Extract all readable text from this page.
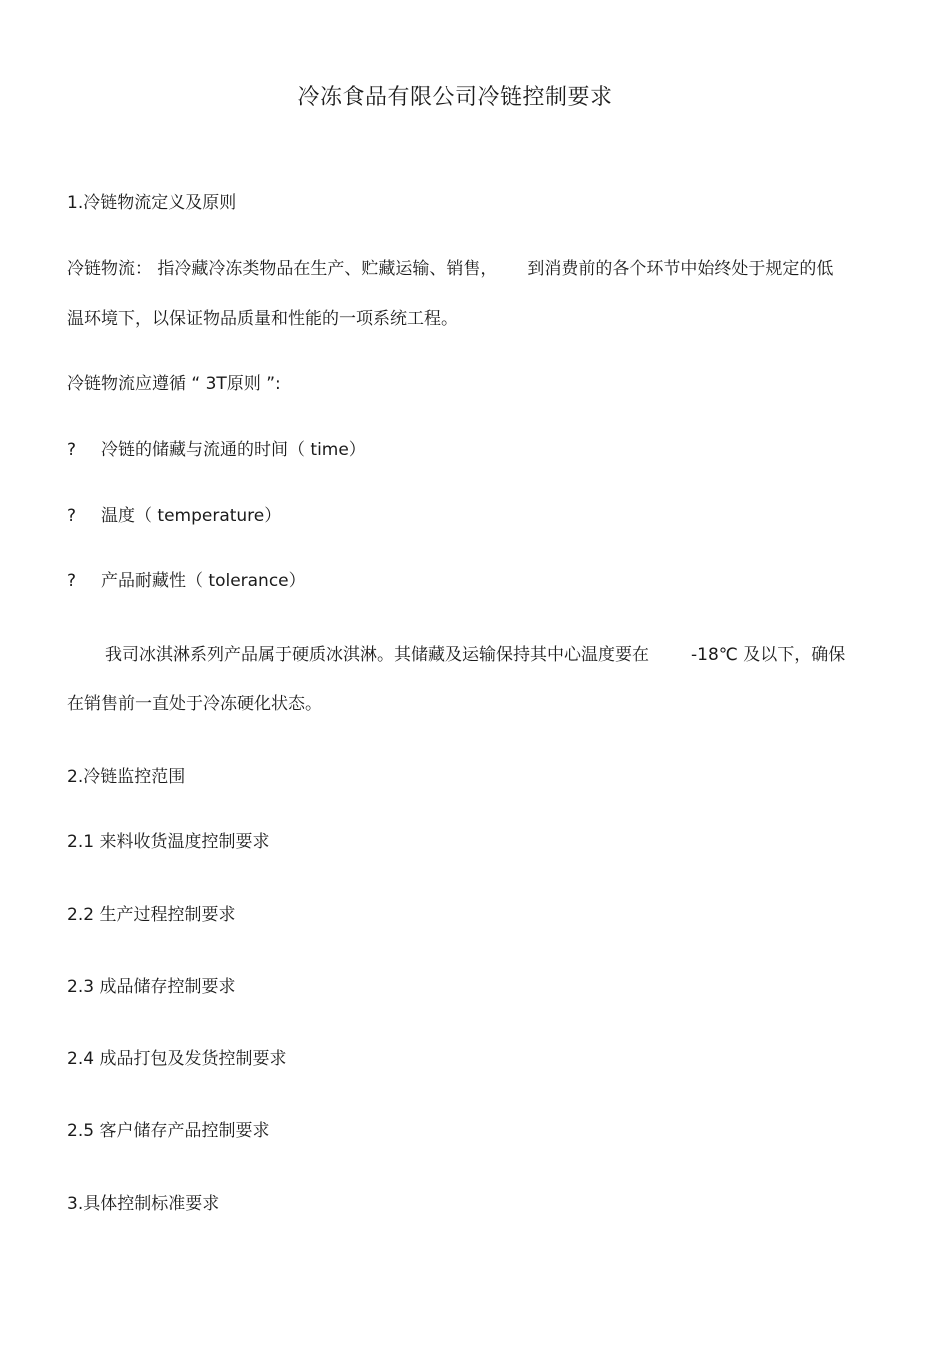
冷冻食品有限公司冷链控制要求
1.冷链物流定义及原则
冷链物流： 指冷藏冷冻类物品在生产、贮藏运输、销售， 到消费前的各个环节中始终处于规定的低
温环境下，以保证物品质量和性能的一项系统工程。
冷链物流应遵循 “ 3T原则 ”:
? 冷链的储藏与流通的时间（ time）
? 温度（ temperature）
? 产品耐藏性（ tolerance）
我司冰淇淋系列产品属于硬质冰淇淋。其储藏及运输保持其中心温度要在 -18℃ 及以下，确保
在销售前一直处于冷冻硬化状态。
2.冷链监控范围
2.1 来料收货温度控制要求
2.2 生产过程控制要求
2.3 成品储存控制要求
2.4 成品打包及发货控制要求
2.5 客户储存产品控制要求
3.具体控制标准要求
